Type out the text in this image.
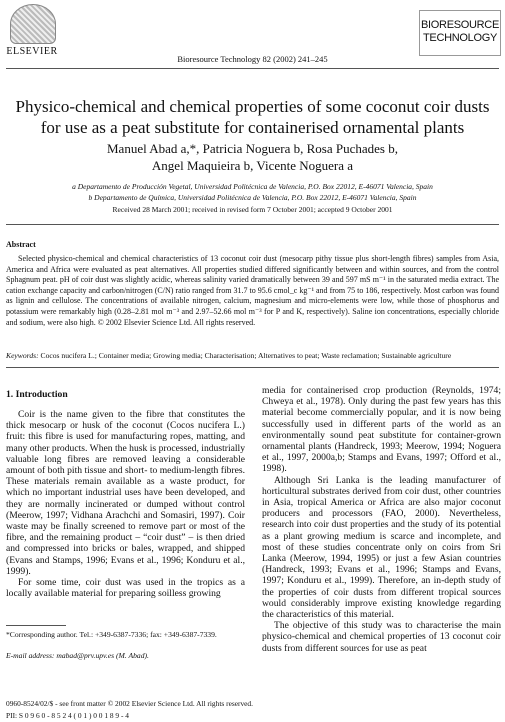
ELSEVIER
Bioresource Technology 82 (2002) 241–245
BIORESOURCE
TECHNOLOGY
Physico-chemical and chemical properties of some coconut coir dusts for use as a peat substitute for containerised ornamental plants
Manuel Abad a,*, Patricia Noguera b, Rosa Puchades b,
Angel Maquieira b, Vicente Noguera a
a Departamento de Producción Vegetal, Universidad Politécnica de Valencia, P.O. Box 22012, E-46071 Valencia, Spain
b Departamento de Química, Universidad Politécnica de Valencia, P.O. Box 22012, E-46071 Valencia, Spain
Received 28 March 2001; received in revised form 7 October 2001; accepted 9 October 2001
Abstract
Selected physico-chemical and chemical characteristics of 13 coconut coir dust (mesocarp pithy tissue plus short-length fibres) samples from Asia, America and Africa were evaluated as peat alternatives. All properties studied differed significantly between and within sources, and from the control Sphagnum peat. pH of coir dust was slightly acidic, whereas salinity varied dramatically between 39 and 597 mS m⁻¹ in the saturated media extract. The cation exchange capacity and carbon/nitrogen (C/N) ratio ranged from 31.7 to 95.6 cmol_c kg⁻¹ and from 75 to 186, respectively. Most carbon was found as lignin and cellulose. The concentrations of available nitrogen, calcium, magnesium and micro-elements were low, while those of phosphorus and potassium were remarkably high (0.28–2.81 mol m⁻³ and 2.97–52.66 mol m⁻³ for P and K, respectively). Saline ion concentrations, especially chloride and sodium, were also high. © 2002 Elsevier Science Ltd. All rights reserved.
Keywords: Cocos nucifera L.; Container media; Growing media; Characterisation; Alternatives to peat; Waste reclamation; Sustainable agriculture
1. Introduction

Coir is the name given to the fibre that constitutes the thick mesocarp or husk of the coconut (Cocos nucifera L.) fruit: this fibre is used for manufacturing ropes, matting, and many other products. When the husk is processed, industrially valuable long fibres are removed leaving a considerable amount of both pith tissue and short- to medium-length fibres. These materials remain available as a waste product, for which no important industrial uses have been developed, and they are normally incinerated or dumped without control (Meerow, 1997; Vidhana Arachchi and Somasiri, 1997). Coir waste may be finally screened to remove part or most of the fibre, and the remaining product – “coir dust” – is then dried and compressed into bricks or bales, wrapped, and shipped (Evans and Stamps, 1996; Evans et al., 1996; Konduru et al., 1999).

For some time, coir dust was used in the tropics as a locally available material for preparing soilless growing

media for containerised crop production (Reynolds, 1974; Chweya et al., 1978). Only during the past few years has this material become commercially popular, and it is now being successfully used in different parts of the world as an environmentally sound peat substitute for container-grown ornamental plants (Handreck, 1993; Meerow, 1994; Noguera et al., 1997, 2000a,b; Stamps and Evans, 1997; Offord et al., 1998).

Although Sri Lanka is the leading manufacturer of horticultural substrates derived from coir dust, other countries in Asia, tropical America or Africa are also major coconut producers and processors (FAO, 2000). Nevertheless, research into coir dust properties and the study of its potential as a plant growing medium is scarce and incomplete, and most of these studies concentrate only on coirs from Sri Lanka (Meerow, 1994, 1995) or just a few Asian countries (Handreck, 1993; Evans et al., 1996; Stamps and Evans, 1997; Konduru et al., 1999). Therefore, an in-depth study of the properties of coir dusts from different tropical sources would considerably improve existing knowledge regarding the characteristics of this material.

The objective of this study was to characterise the main physico-chemical and chemical properties of 13 coconut coir dusts from different sources for use as peat

*Corresponding author. Tel.: +349-6387-7336; fax: +349-6387-7339.
E-mail address: mabad@prv.upv.es (M. Abad).
0960-8524/02/$ - see front matter © 2002 Elsevier Science Ltd. All rights reserved.
PII: S 0 9 6 0 - 8 5 2 4 ( 0 1 ) 0 0 1 8 9 - 4
